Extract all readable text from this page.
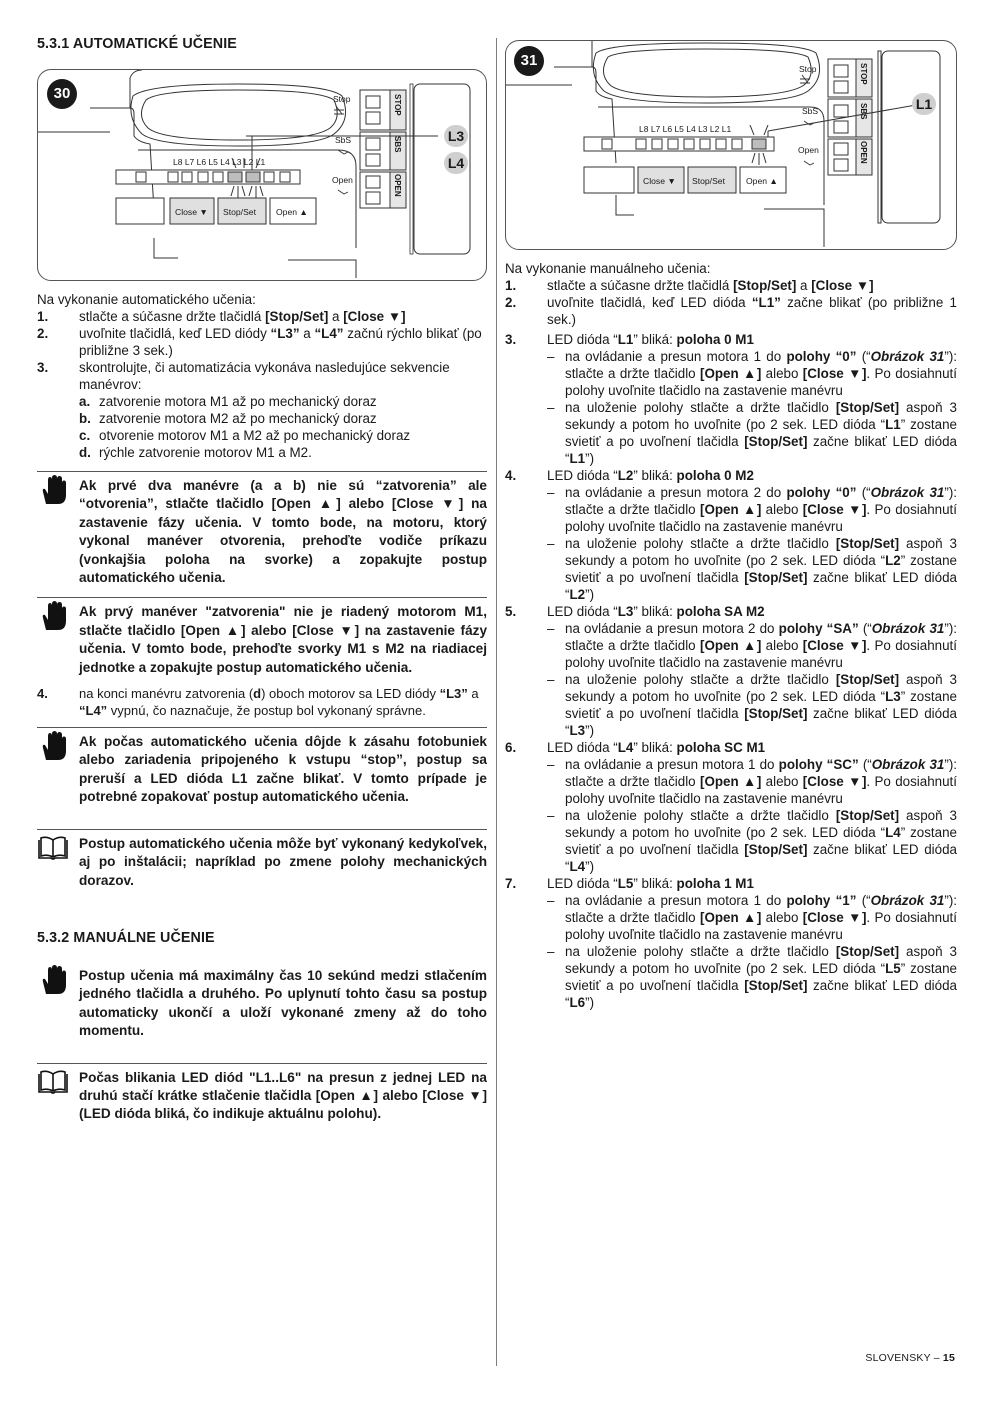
5.3.1 AUTOMATICKÉ UČENIE
Stop
SbS
Open
L8 L7 L6 L5 L4 L3 L2 L1
Close ▼ Stop/Set Open ▲
STOP
SBS
OPEN
30
L3
L4

Na vykonanie automatického učenia:

1. stlačte a súčasne držte tlačidlá [Stop/Set] a [Close ▼]
2. uvoľnite tlačidlá, keď LED diódy “L3” a “L4” začnú rýchlo blikať (po približne 3 sek.)
3. skontrolujte, či automatizácia vykonáva nasledujúce sekvencie manévrov:
a. zatvorenie motora M1 až po mechanický doraz
b. zatvorenie motora M2 až po mechanický doraz
c. otvorenie motorov M1 a M2 až po mechanický doraz
d. rýchle zatvorenie motorov M1 a M2.
Ak prvé dva manévre (a a b) nie sú “zatvorenia” ale “otvorenia”, stlačte tlačidlo [Open ▲] alebo [Close ▼] na zastavenie fázy učenia. V tomto bode, na motoru, ktorý vykonal manéver otvorenia, prehoďte vodiče príkazu (vonkajšia poloha na svorke) a zopakujte postup automatického učenia.
Ak prvý manéver "zatvorenia" nie je riadený motorom M1, stlačte tlačidlo [Open ▲] alebo [Close ▼] na zastavenie fázy učenia. V tomto bode, prehoďte svorky M1 s M2 na riadiacej jednotke a zopakujte postup automatického učenia.
4. na konci manévru zatvorenia (d) oboch motorov sa LED diódy “L3” a “L4” vypnú, čo naznačuje, že postup bol vykonaný správne.
Ak počas automatického učenia dôjde k zásahu fotobuniek alebo zariadenia pripojeného k vstupu “stop”, postup sa preruší a LED dióda L1 začne blikať. V tomto prípade je potrebné zopakovať postup automatického učenia.
Postup automatického učenia môže byť vykonaný kedykoľvek, aj po inštalácii; napríklad po zmene polohy mechanických dorazov.
5.3.2 MANUÁLNE UČENIE
Postup učenia má maximálny čas 10 sekúnd medzi stlačením jedného tlačidla a druhého. Po uplynutí tohto času sa postup automaticky ukončí a uloží vykonané zmeny až do toho momentu.
Počas blikania LED diód "L1..L6" na presun z jednej LED na druhú stačí krátke stlačenie tlačidla [Open ▲] alebo [Close ▼] (LED dióda bliká, čo indikuje aktuálnu polohu).
Stop
SbS
Open
L8 L7 L6 L5 L4 L3 L2 L1
Close ▼ Stop/Set Open ▲
STOP
SBS
OPEN
31
L1

Na vykonanie manuálneho učenia:

1. stlačte a súčasne držte tlačidlá [Stop/Set] a [Close ▼]
2. uvoľnite tlačidlá, keď LED dióda “L1” začne blikať (po približne 1 sek.)
3. LED dióda “L1” bliká: poloha 0 M1
– na ovládanie a presun motora 1 do polohy “0” (“Obrázok 31”): stlačte a držte tlačidlo [Open ▲] alebo [Close ▼]. Po dosiahnutí polohy uvoľnite tlačidlo na zastavenie manévru
– na uloženie polohy stlačte a držte tlačidlo [Stop/Set] aspoň 3 sekundy a potom ho uvoľnite (po 2 sek. LED dióda “L1” zostane svietiť a po uvoľnení tlačidla [Stop/Set] začne blikať LED dióda “L1”)
4. LED dióda “L2” bliká: poloha 0 M2
– na ovládanie a presun motora 2 do polohy “0” (“Obrázok 31”): stlačte a držte tlačidlo [Open ▲] alebo [Close ▼]. Po dosiahnutí polohy uvoľnite tlačidlo na zastavenie manévru
– na uloženie polohy stlačte a držte tlačidlo [Stop/Set] aspoň 3 sekundy a potom ho uvoľnite (po 2 sek. LED dióda “L2” zostane svietiť a po uvoľnení tlačidla [Stop/Set] začne blikať LED dióda “L2”)
5. LED dióda “L3” bliká: poloha SA M2
– na ovládanie a presun motora 2 do polohy “SA” (“Obrázok 31”): stlačte a držte tlačidlo [Open ▲] alebo [Close ▼]. Po dosiahnutí polohy uvoľnite tlačidlo na zastavenie manévru
– na uloženie polohy stlačte a držte tlačidlo [Stop/Set] aspoň 3 sekundy a potom ho uvoľnite (po 2 sek. LED dióda “L3” zostane svietiť a po uvoľnení tlačidla [Stop/Set] začne blikať LED dióda “L3”)
6. LED dióda “L4” bliká: poloha SC M1
– na ovládanie a presun motora 1 do polohy “SC” (“Obrázok 31”): stlačte a držte tlačidlo [Open ▲] alebo [Close ▼]. Po dosiahnutí polohy uvoľnite tlačidlo na zastavenie manévru
– na uloženie polohy stlačte a držte tlačidlo [Stop/Set] aspoň 3 sekundy a potom ho uvoľnite (po 2 sek. LED dióda “L4” zostane svietiť a po uvoľnení tlačidla [Stop/Set] začne blikať LED dióda “L4”)
7. LED dióda “L5” bliká: poloha 1 M1
– na ovládanie a presun motora 1 do polohy “1” (“Obrázok 31”): stlačte a držte tlačidlo [Open ▲] alebo [Close ▼]. Po dosiahnutí polohy uvoľnite tlačidlo na zastavenie manévru
– na uloženie polohy stlačte a držte tlačidlo [Stop/Set] aspoň 3 sekundy a potom ho uvoľnite (po 2 sek. LED dióda “L5” zostane svietiť a po uvoľnení tlačidla [Stop/Set] začne blikať LED dióda “L6”)
SLOVENSKY – 15
